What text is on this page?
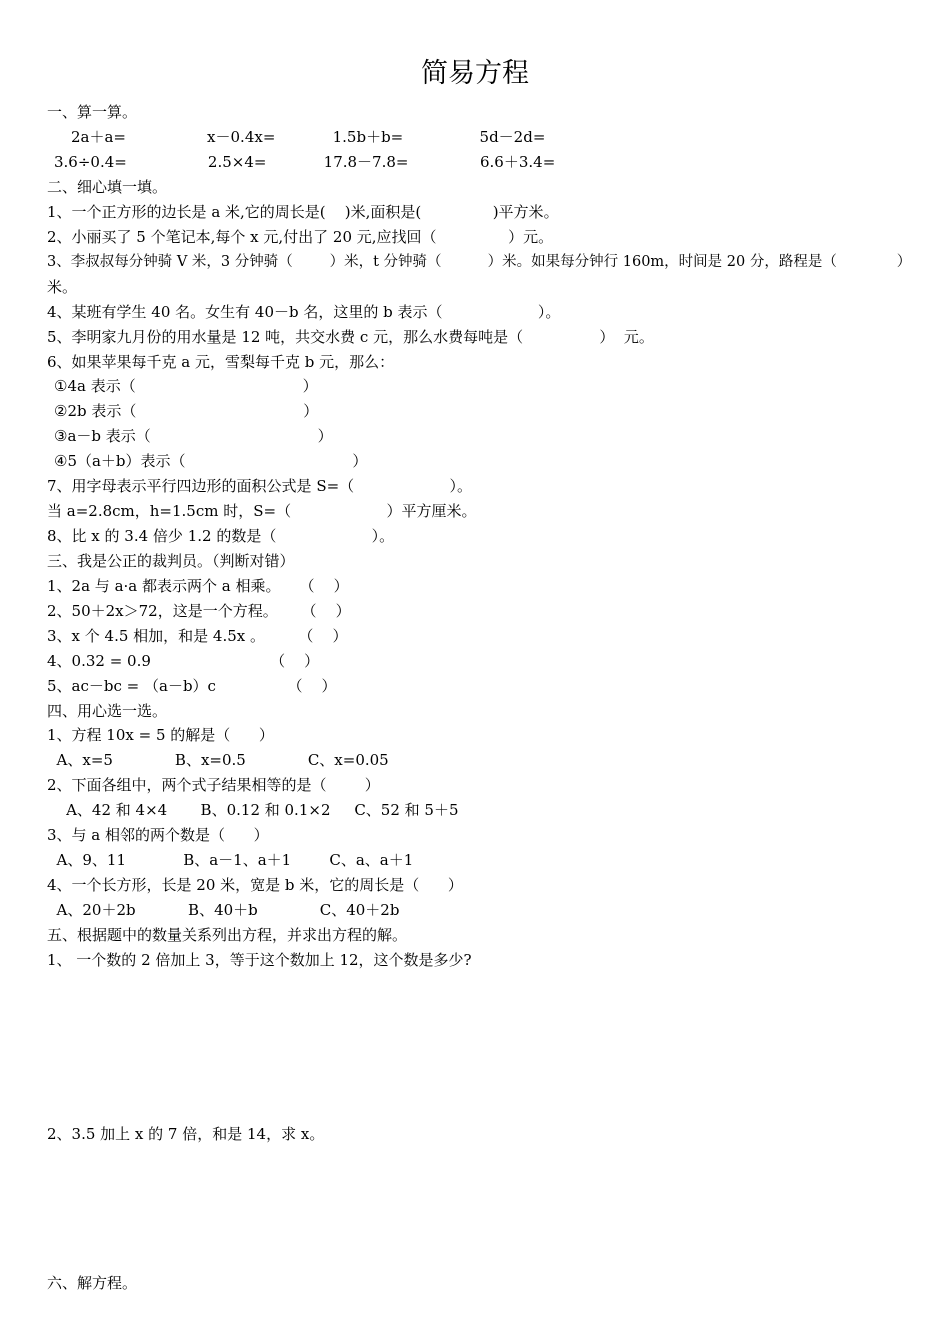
简易方程
一、算一算。
2a＋a=                 x－0.4x=            1.5b＋b=                5d－2d=
3.6÷0.4=                 2.5×4=            17.8－7.8=               6.6＋3.4=
二、细心填一填。
1、一个正方形的边长是 a 米,它的周长是(    )米,面积是(               )平方米。
2、小丽买了 5 个笔记本,每个 x 元,付出了 20 元,应找回（               ）元。
3、李叔叔每分钟骑 V 米，3 分钟骑（        ）米，t 分钟骑（          ）米。如果每分钟行 160m，时间是 20 分，路程是（             ）
米。
4、某班有学生 40 名。女生有 40－b 名，这里的 b 表示（                    ）。
5、李明家九月份的用水量是 12 吨，共交水费 c 元，那么水费每吨是（                ）  元。
6、如果苹果每千克 a 元，雪梨每千克 b 元，那么：
①4a 表示（                                   ）
②2b 表示（                                   ）
③a－b 表示（                                   ）
④5（a＋b）表示（                                   ）
7、用字母表示平行四边形的面积公式是 S=（                    ）。
当 a=2.8cm，h=1.5cm 时，S=（                    ）平方厘米。
8、比 x 的 3.4 倍少 1.2 的数是（                    ）。
三、我是公正的裁判员。（判断对错）
1、2a 与 a·a 都表示两个 a 相乘。    （    ）
2、50＋2x＞72，这是一个方程。     （    ）
3、x 个 4.5 相加，和是 4.5x 。       （    ）
4、0.32 = 0.9                         （    ）
5、ac－bc = （a－b）c               （    ）
四、用心选一选。
1、方程 10x = 5 的解是（      ）
A、x=5             B、x=0.5             C、x=0.05
2、下面各组中，两个式子结果相等的是（        ）
A、42 和 4×4       B、0.12 和 0.1×2     C、52 和 5＋5
3、与 a 相邻的两个数是（      ）
A、9、11            B、a－1、a＋1        C、a、a＋1
4、一个长方形，长是 20 米，宽是 b 米，它的周长是（      ）
A、20＋2b           B、40＋b             C、40＋2b
五、根据题中的数量关系列出方程，并求出方程的解。
1、 一个数的 2 倍加上 3，等于这个数加上 12，这个数是多少?
2、3.5 加上 x 的 7 倍，和是 14，求 x。
六、解方程。
